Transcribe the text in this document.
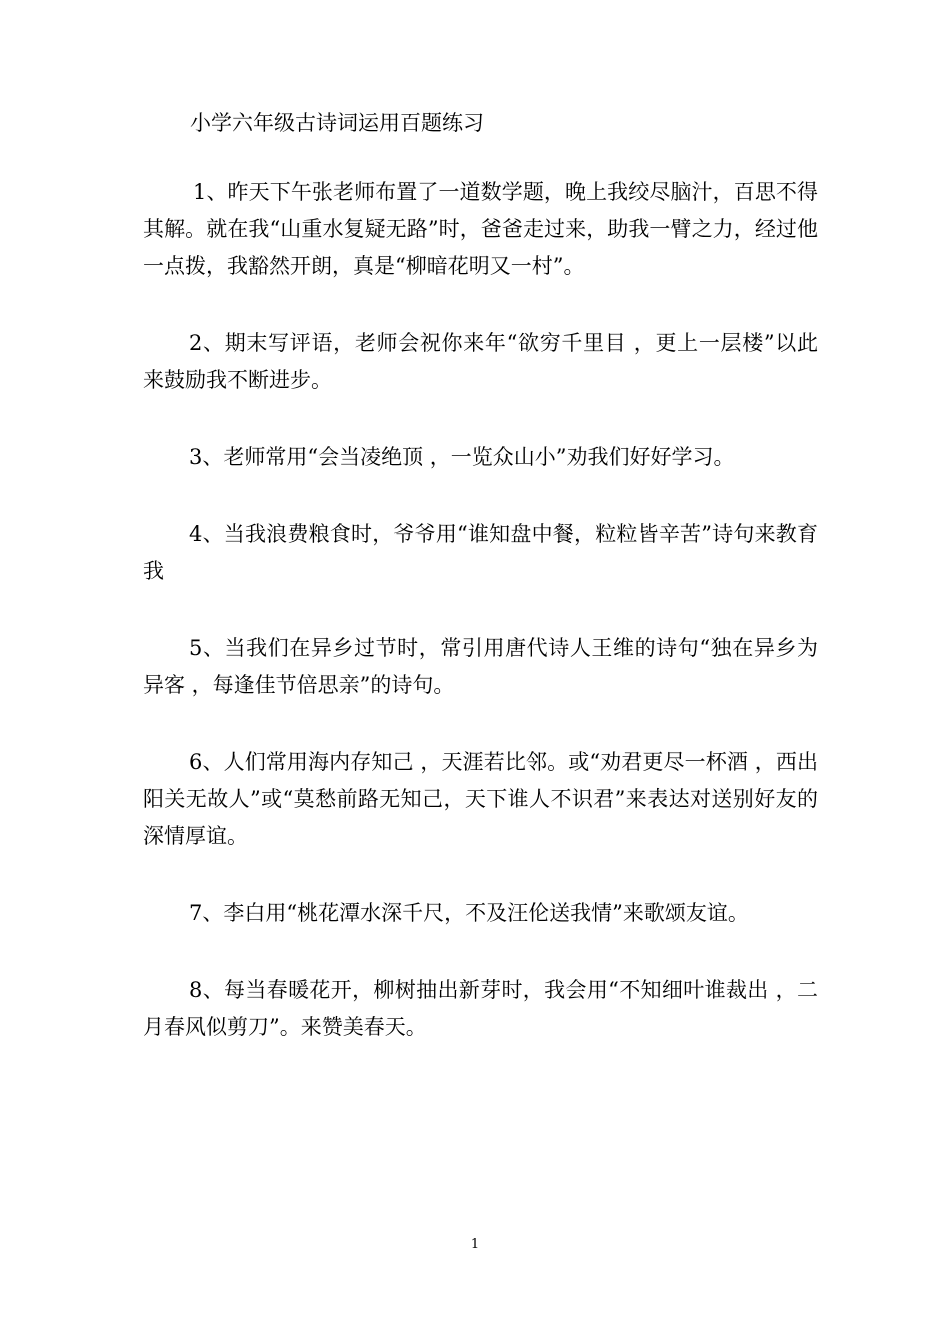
小学六年级古诗词运用百题练习

1、昨天下午张老师布置了一道数学题，晚上我绞尽脑汁，百思不得其解。就在我“山重水复疑无路”时，爸爸走过来，助我一臂之力，经过他一点拨，我豁然开朗，真是“柳暗花明又一村”。

2、期末写评语，老师会祝你来年“欲穷千里目 ，更上一层楼”以此来鼓励我不断进步。

3、老师常用“会当凌绝顶 ，一览众山小”劝我们好好学习。

4、当我浪费粮食时，爷爷用“谁知盘中餐，粒粒皆辛苦”诗句来教育我

5、当我们在异乡过节时，常引用唐代诗人王维的诗句“独在异乡为异客 ，每逢佳节倍思亲”的诗句。

6、人们常用海内存知己 ，天涯若比邻。或“劝君更尽一杯酒 ，西出阳关无故人”或“莫愁前路无知己，天下谁人不识君”来表达对送别好友的深情厚谊。

7、李白用“桃花潭水深千尺，不及汪伦送我情”来歌颂友谊。

8、每当春暖花开，柳树抽出新芽时，我会用“不知细叶谁裁出 ，二月春风似剪刀”。来赞美春天。

1
